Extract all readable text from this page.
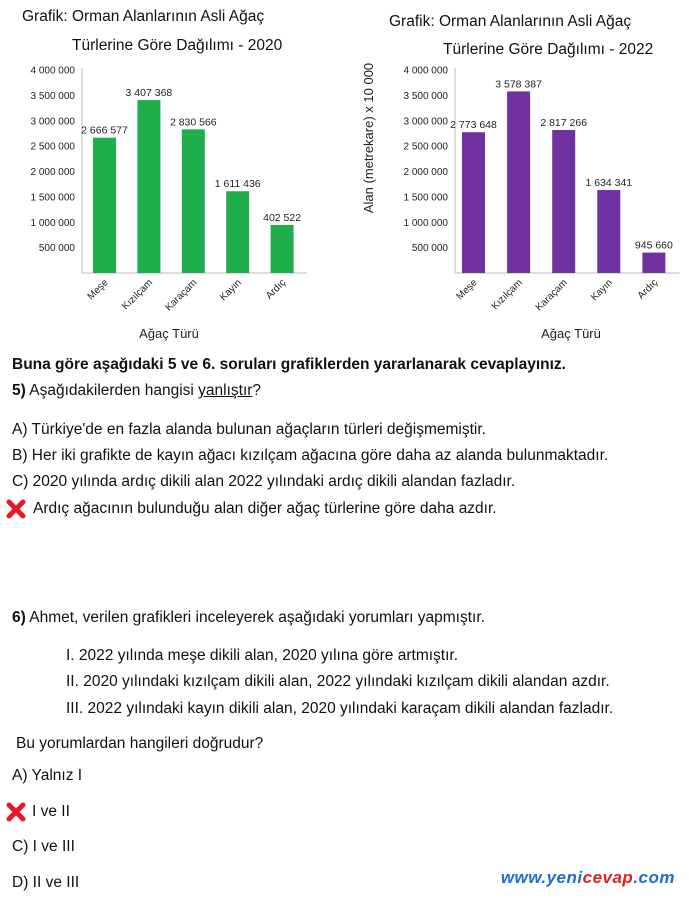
Grafik: Orman Alanlarının Asli Ağaç
Türlerine Göre Dağılımı - 2020
500 000
1 000 000
1 500 000
2 000 000
2 500 000
3 000 000
3 500 000
4 000 000
2 666 577
Meşe
3 407 368
Kızılçam
2 830 566
Karaçam
1 611 436
Kayın
402 522
Ardıç
Ağaç Türü
Grafik: Orman Alanlarının Asli Ağaç
Türlerine Göre Dağılımı - 2022
500 000
1 000 000
1 500 000
2 000 000
2 500 000
3 000 000
3 500 000
4 000 000
2 773 648
Meşe
3 578 387
Kızılçam
2 817 266
Karaçam
1 634 341
Kayın
945 660
Ardıç
Ağaç Türü
Alan (metrekare) x 10 000
Buna göre aşağıdaki 5 ve 6. soruları grafiklerden yararlanarak cevaplayınız.
5) Aşağıdakilerden hangisi yanlıştır?
A) Türkiye'de en fazla alanda bulunan ağaçların türleri değişmemiştir.
B) Her iki grafikte de kayın ağacı kızılçam ağacına göre daha az alanda bulunmaktadır.
C) 2020 yılında ardıç dikili alan 2022 yılındaki ardıç dikili alandan fazladır.
Ardıç ağacının bulunduğu alan diğer ağaç türlerine göre daha azdır.
6) Ahmet, verilen grafikleri inceleyerek aşağıdaki yorumları yapmıştır.
I. 2022 yılında meşe dikili alan, 2020 yılına göre artmıştır.
II. 2020 yılındaki kızılçam dikili alan, 2022 yılındaki kızılçam dikili alandan azdır.
III. 2022 yılındaki kayın dikili alan, 2020 yılındaki karaçam dikili alandan fazladır.
Bu yorumlardan hangileri doğrudur?
A) Yalnız I
I ve II
C) I ve III
D) II ve III	www.yenicevap.com
